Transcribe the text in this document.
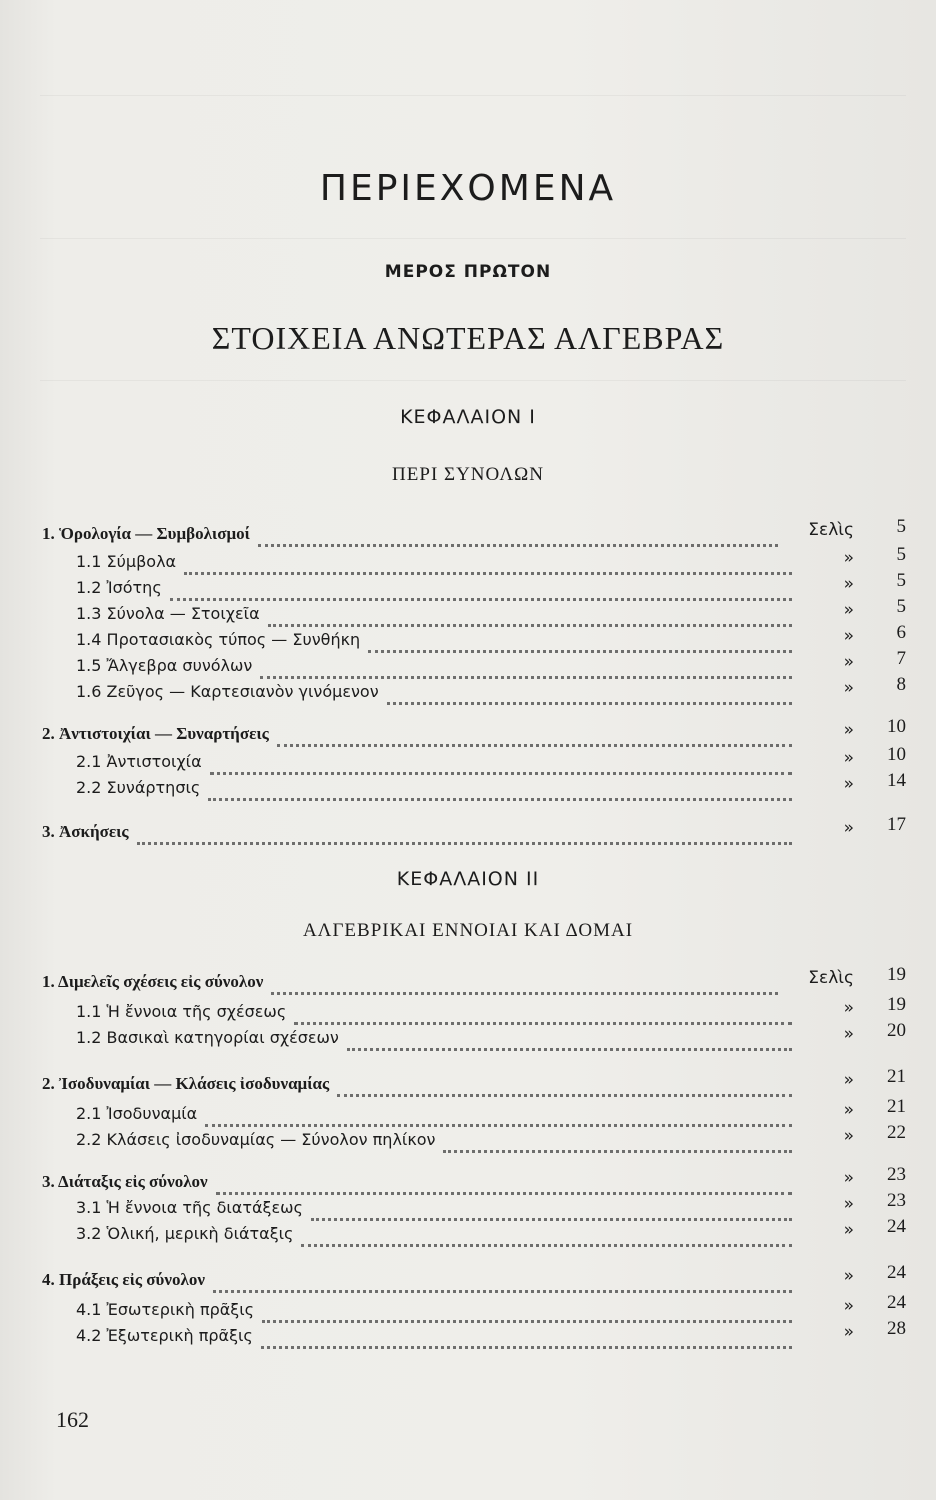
ΠΕΡΙΕΧΟΜΕΝΑ
ΜΕΡΟΣ ΠΡΩΤΟΝ
ΣΤΟΙΧΕΙΑ ΑΝΩΤΕΡΑΣ ΑΛΓΕΒΡΑΣ
ΚΕΦΑΛΑΙΟΝ Ι
ΠΕΡΙ ΣΥΝΟΛΩΝ
1. Ὁρολογία — Συμβολισμοί	Σελὶς	5
1.1 Σύμβολα	»	5
1.2 Ἰσότης	»	5
1.3 Σύνολα — Στοιχεῖα	»	5
1.4 Προτασιακὸς τύπος — Συνθήκη	»	6
1.5 Ἄλγεβρα συνόλων	»	7
1.6 Ζεῦγος — Καρτεσιανὸν γινόμενον	»	8
2. Ἀντιστοιχίαι — Συναρτήσεις	»	10
2.1 Ἀντιστοιχία	»	10
2.2 Συνάρτησις	»	14
3. Ἀσκήσεις	»	17
ΚΕΦΑΛΑΙΟΝ ΙΙ
ΑΛΓΕΒΡΙΚΑΙ ΕΝΝΟΙΑΙ ΚΑΙ ΔΟΜΑΙ
1. Διμελεῖς σχέσεις εἰς σύνολον	Σελὶς	19
1.1 Ἡ ἔννοια τῆς σχέσεως	»	19
1.2 Βασικαὶ κατηγορίαι σχέσεων	»	20
2. Ἰσοδυναμίαι — Κλάσεις ἰσοδυναμίας	»	21
2.1 Ἰσοδυναμία	»	21
2.2 Κλάσεις ἰσοδυναμίας — Σύνολον πηλίκον	»	22
3. Διάταξις εἰς σύνολον	»	23
3.1 Ἡ ἔννοια τῆς διατάξεως	»	23
3.2 Ὁλική, μερικὴ διάταξις	»	24
4. Πράξεις εἰς σύνολον	»	24
4.1 Ἐσωτερικὴ πρᾶξις	»	24
4.2 Ἐξωτερικὴ πρᾶξις	»	28
162
